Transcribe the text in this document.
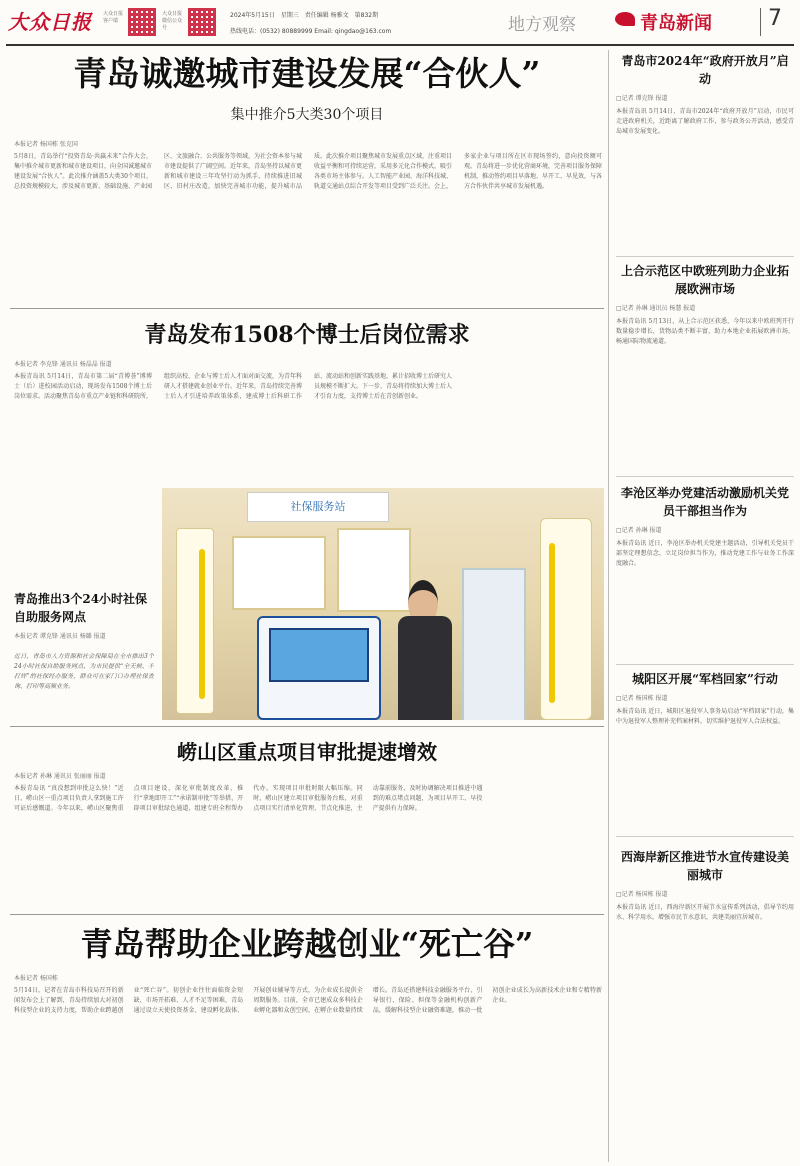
大众日报 大众日报客户端
大众日报微信公众号
2024年5月15日　星期三　责任编辑 杨雅文　第832期
热线电话：(0532) 80889999 Email: qingdao@163.com	地方观察	青岛新闻	7
青岛诚邀城市建设发展“合伙人”
集中推介5大类30个项目
本报记者 杨国栋 张克国
5月8日，青岛举行“投资青岛·共赢未来”合作大会，集中推介城市更新和城市建设项目，向全国诚邀城市建设发展“合伙人”。此次推介涵盖5大类30个项目，总投资规模较大，涉及城市更新、基础设施、产业园区、文旅融合、公共服务等领域，为社会资本参与城市建设提供了广阔空间。近年来，青岛坚持以城市更新和城市建设三年攻坚行动为抓手，持续推进旧城区、旧村庄改造，加快完善城市功能，提升城市品质。此次推介项目聚焦城市发展重点区域，注重项目收益平衡和可持续运营，采用多元化合作模式，吸引各类市场主体参与。人工智能产业园、海洋科技城、轨道交通站点综合开发等项目受到广泛关注。会上，多家企业与项目所在区市现场签约，意向投资额可观。青岛将进一步优化营商环境，完善项目服务保障机制，推动签约项目早落地、早开工、早见效，与各方合作伙伴共享城市发展机遇。
青岛发布1508个博士后岗位需求
本报记者 李克锋 通讯员 杨晶晶 报道
本报青岛讯 5月14日，青岛市第二届“青博荟”博博士（后）进校园活动启动，现场发布1508个博士后岗位需求。活动聚焦青岛市重点产业链和科研院所，组织高校、企业与博士后人才面对面交流，为青年科研人才搭建就业创业平台。近年来，青岛持续完善博士后人才引进培养政策体系，建成博士后科研工作站、流动站和创新实践基地，累计招收博士后研究人员规模不断扩大。下一步，青岛将持续加大博士后人才引育力度，支持博士后在青创新创业。
社保服务站
青岛推出3个24小时社保自助服务网点
本报记者 谭克锋 通讯员 杨璐 报道
近日，青岛市人力资源和社会保障局在全市推出3个24小时社保自助服务网点，为市民提供“全天候、不打烊”的社保经办服务，群众可在家门口办理社保查询、打印等高频业务。
崂山区重点项目审批提速增效
本报记者 孙琳 通讯员 张丽丽 报道
本报青岛讯 “真没想到审批这么快！”近日，崂山区一重点项目负责人拿到施工许可证后感慨道。今年以来，崂山区聚焦重点项目建设，深化审批制度改革，推行“拿地即开工”“承诺制审批”等举措，开辟项目审批绿色通道，组建专班全程帮办代办，实现项目审批时限大幅压缩。同时，崂山区建立项目审批服务台账，对重点项目实行清单化管理、节点化推进，主动靠前服务，及时协调解决项目推进中遇到的难点堵点问题，为项目早开工、早投产提供有力保障。
青岛帮助企业跨越创业“死亡谷”
本报记者 杨国栋
5月14日，记者在青岛市科技局召开的新闻发布会上了解到，青岛持续加大对初创科技型企业的支持力度，帮助企业跨越创业“死亡谷”。初创企业往往面临资金短缺、市场开拓难、人才不足等困难，青岛通过设立天使投资基金、建设孵化载体、开展创业辅导等方式，为企业成长提供全周期服务。目前，全市已建成众多科技企业孵化器和众创空间，在孵企业数量持续增长。青岛还搭建科技金融服务平台，引导银行、保险、担保等金融机构创新产品，缓解科技型企业融资难题，推动一批初创企业成长为高新技术企业和专精特新企业。
青岛市2024年“政府开放月”启动
□记者 谭克锋 报道
本报青岛讯 5月14日，青岛市2024年“政府开放月”启动，市民可走进政府机关，近距离了解政府工作，参与政务公开活动，感受青岛城市发展变化。
上合示范区中欧班列助力企业拓展欧洲市场
□记者 孙琳 通讯员 杨慧 报道
本报青岛讯 5月13日，从上合示范区获悉，今年以来中欧班列开行数量稳步增长，货物品类不断丰富，助力本地企业拓展欧洲市场，畅通国际物流通道。
李沧区举办党建活动激励机关党员干部担当作为
□记者 孙琳 报道
本报青岛讯 近日，李沧区举办机关党建主题活动，引导机关党员干部坚定理想信念，立足岗位担当作为，推动党建工作与业务工作深度融合。
城阳区开展“军档回家”行动
□记者 杨国栋 报道
本报青岛讯 近日，城阳区退役军人事务局启动“军档回家”行动，集中为退役军人整理补充档案材料，切实维护退役军人合法权益。
西海岸新区推进节水宣传建设美丽城市
□记者 杨国栋 报道
本报青岛讯 近日，西海岸新区开展节水宣传系列活动，倡导节约用水、科学用水，增强市民节水意识，共建美丽宜居城市。
